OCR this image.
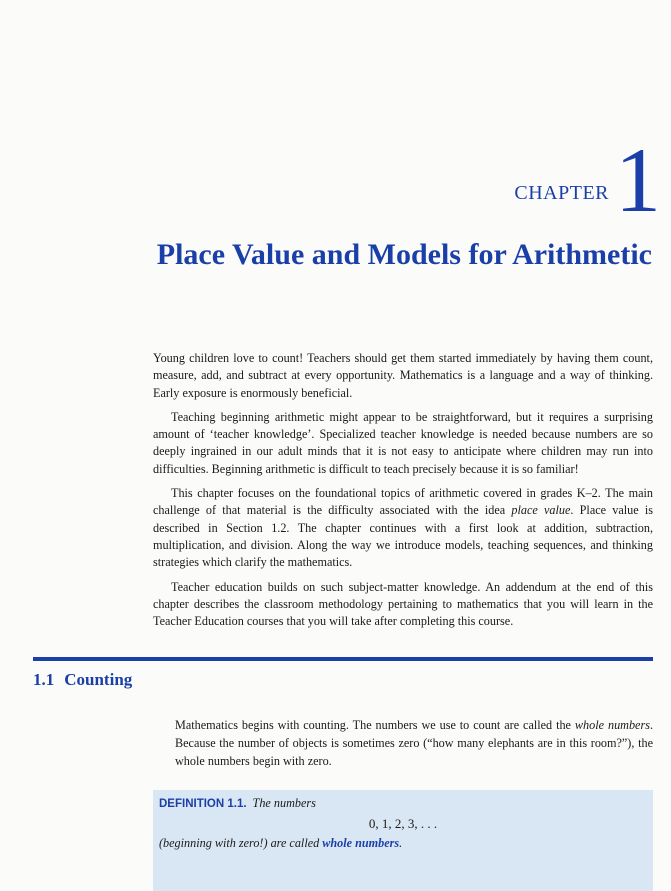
CHAPTER 1
Place Value and Models for Arithmetic

Young children love to count! Teachers should get them started immediately by having them count, measure, add, and subtract at every opportunity. Mathematics is a language and a way of thinking. Early exposure is enormously beneficial.

Teaching beginning arithmetic might appear to be straightforward, but it requires a surprising amount of ‘teacher knowledge’. Specialized teacher knowledge is needed because numbers are so deeply ingrained in our adult minds that it is not easy to anticipate where children may run into difficulties. Beginning arithmetic is difficult to teach precisely because it is so familiar!

This chapter focuses on the foundational topics of arithmetic covered in grades K–2. The main challenge of that material is the difficulty associated with the idea place value. Place value is described in Section 1.2. The chapter continues with a first look at addition, subtraction, multiplication, and division. Along the way we introduce models, teaching sequences, and thinking strategies which clarify the mathematics.

Teacher education builds on such subject-matter knowledge. An addendum at the end of this chapter describes the classroom methodology pertaining to mathematics that you will learn in the Teacher Education courses that you will take after completing this course.

1.1 Counting
Mathematics begins with counting. The numbers we use to count are called the whole numbers. Because the number of objects is sometimes zero (“how many elephants are in this room?”), the whole numbers begin with zero.
DEFINITION 1.1. The numbers
0, 1, 2, 3, . . .
(beginning with zero!) are called whole numbers.
